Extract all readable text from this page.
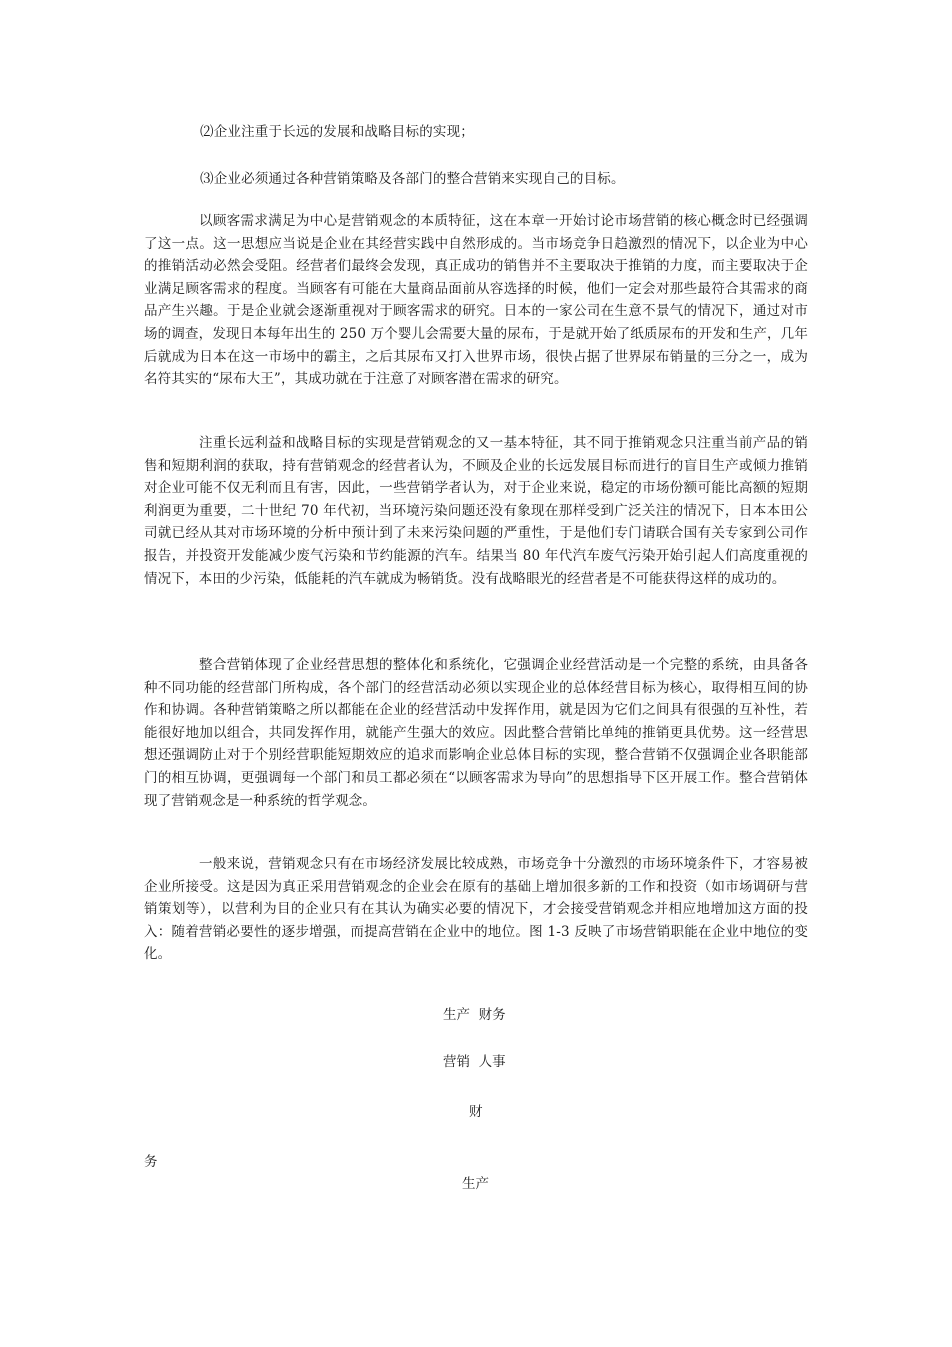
⑵企业注重于长远的发展和战略目标的实现；
⑶企业必须通过各种营销策略及各部门的整合营销来实现自己的目标。

以顾客需求满足为中心是营销观念的本质特征，这在本章一开始讨论市场营销的核心概念时已经强调了这一点。这一思想应当说是企业在其经营实践中自然形成的。当市场竞争日趋激烈的情况下，以企业为中心的推销活动必然会受阻。经营者们最终会发现，真正成功的销售并不主要取决于推销的力度，而主要取决于企业满足顾客需求的程度。当顾客有可能在大量商品面前从容选择的时候，他们一定会对那些最符合其需求的商品产生兴趣。于是企业就会逐渐重视对于顾客需求的研究。日本的一家公司在生意不景气的情况下，通过对市场的调查，发现日本每年出生的 250 万个婴儿会需要大量的尿布，于是就开始了纸质尿布的开发和生产，几年后就成为日本在这一市场中的霸主，之后其尿布又打入世界市场，很快占据了世界尿布销量的三分之一，成为名符其实的“尿布大王”，其成功就在于注意了对顾客潜在需求的研究。

注重长远利益和战略目标的实现是营销观念的又一基本特征，其不同于推销观念只注重当前产品的销售和短期利润的获取，持有营销观念的经营者认为，不顾及企业的长远发展目标而进行的盲目生产或倾力推销对企业可能不仅无利而且有害，因此，一些营销学者认为，对于企业来说，稳定的市场份额可能比高额的短期利润更为重要，二十世纪 70 年代初，当环境污染问题还没有象现在那样受到广泛关注的情况下，日本本田公司就已经从其对市场环境的分析中预计到了未来污染问题的严重性，于是他们专门请联合国有关专家到公司作报告，并投资开发能减少废气污染和节约能源的汽车。结果当 80 年代汽车废气污染开始引起人们高度重视的情况下，本田的少污染，低能耗的汽车就成为畅销货。没有战略眼光的经营者是不可能获得这样的成功的。

整合营销体现了企业经营思想的整体化和系统化，它强调企业经营活动是一个完整的系统，由具备各种不同功能的经营部门所构成，各个部门的经营活动必须以实现企业的总体经营目标为核心，取得相互间的协作和协调。各种营销策略之所以都能在企业的经营活动中发挥作用，就是因为它们之间具有很强的互补性，若能很好地加以组合，共同发挥作用，就能产生强大的效应。因此整合营销比单纯的推销更具优势。这一经营思想还强调防止对于个别经营职能短期效应的追求而影响企业总体目标的实现，整合营销不仅强调企业各职能部门的相互协调，更强调每一个部门和员工都必须在“以顾客需求为导向”的思想指导下区开展工作。整合营销体现了营销观念是一种系统的哲学观念。

一般来说，营销观念只有在市场经济发展比较成熟，市场竞争十分激烈的市场环境条件下，才容易被企业所接受。这是因为真正采用营销观念的企业会在原有的基础上增加很多新的工作和投资（如市场调研与营销策划等），以营利为目的企业只有在其认为确实必要的情况下，才会接受营销观念并相应地增加这方面的投入：随着营销必要性的逐步增强，而提高营销在企业中的地位。图 1-3 反映了市场营销职能在企业中地位的变化。

生产  财务
营销  人事
财
务
生产
